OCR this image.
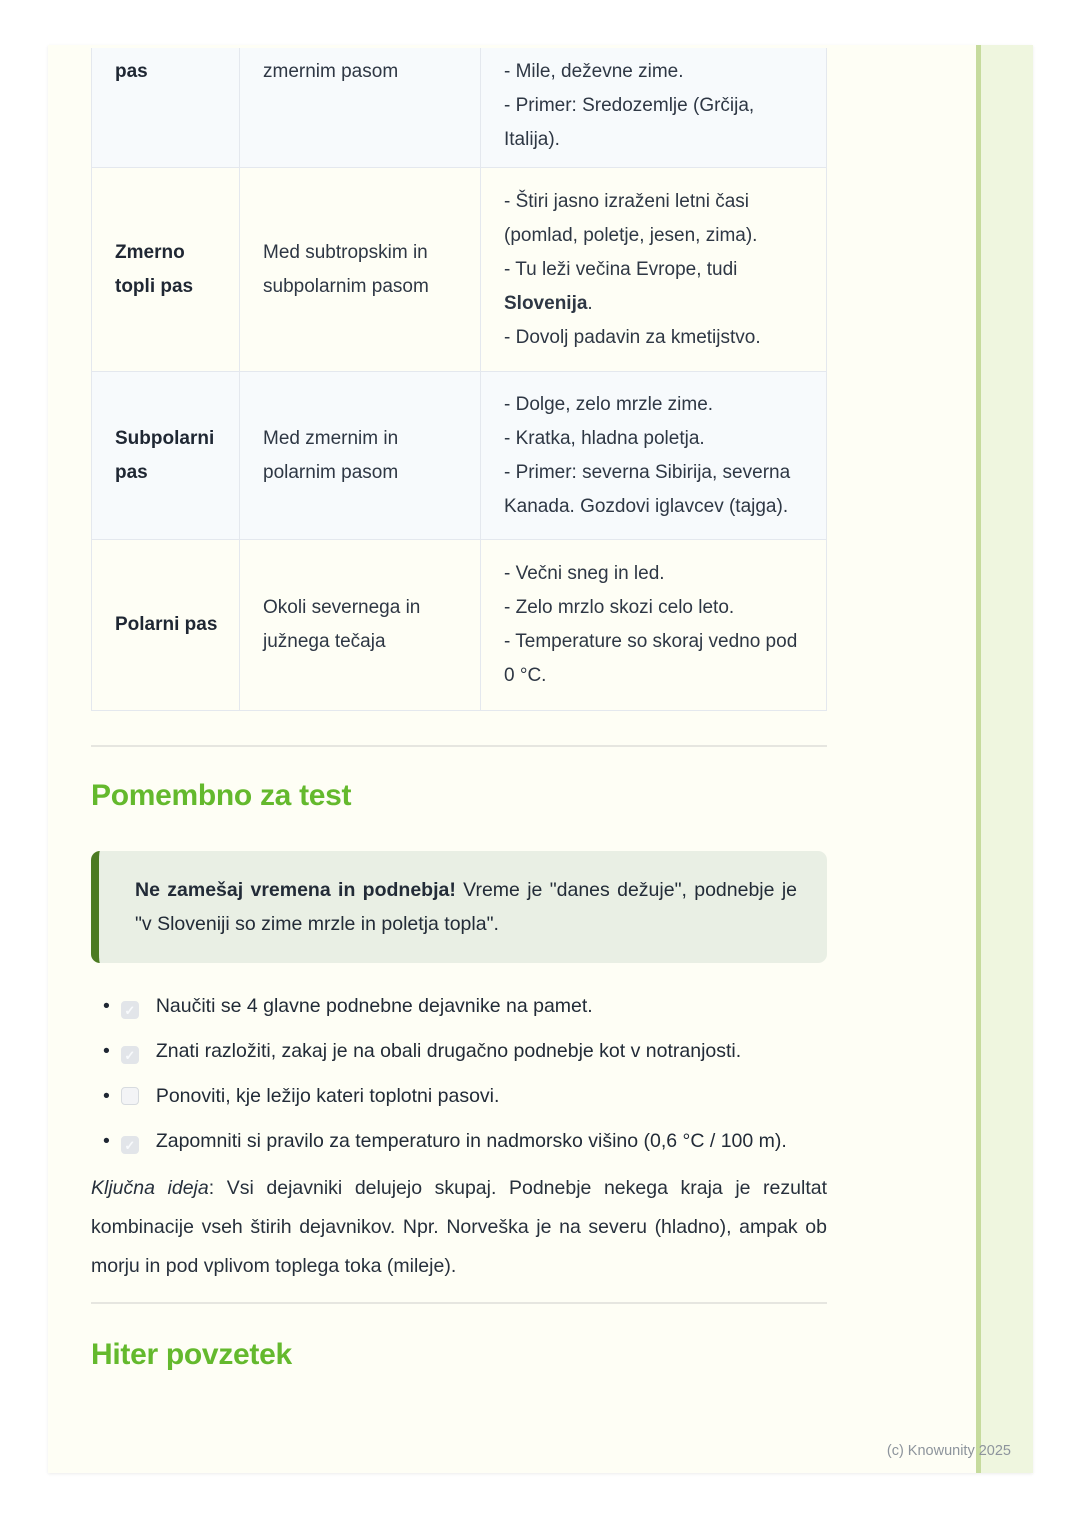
pas	zmernim pasom	- Mile, deževne zime.
- Primer: Sredozemlje (Grčija, Italija).
Zmerno topli pas
Med subtropskim in subpolarnim pasom
- Štiri jasno izraženi letni časi (pomlad, poletje, jesen, zima).
- Tu leži večina Evrope, tudi Slovenija.
- Dovolj padavin za kmetijstvo.
Subpolarni pas
Med zmernim in polarnim pasom
- Dolge, zelo mrzle zime.
- Kratka, hladna poletja.
- Primer: severna Sibirija, severna Kanada. Gozdovi iglavcev (tajga).
Polarni pas
Okoli severnega in južnega tečaja
- Večni sneg in led.
- Zelo mrzlo skozi celo leto.
- Temperature so skoraj vedno pod 0 °C.
Pomembno za test
Ne zamešaj vremena in podnebja! Vreme je "danes dežuje", podnebje je "v Sloveniji so zime mrzle in poletja topla".
• ✓ Naučiti se 4 glavne podnebne dejavnike na pamet.
• ✓ Znati razložiti, zakaj je na obali drugačno podnebje kot v notranjosti.
• Ponoviti, kje ležijo kateri toplotni pasovi.
• ✓ Zapomniti si pravilo za temperaturo in nadmorsko višino (0,6 °C / 100 m).
Ključna ideja: Vsi dejavniki delujejo skupaj. Podnebje nekega kraja je rezultat kombinacije vseh štirih dejavnikov. Npr. Norveška je na severu (hladno), ampak ob morju in pod vplivom toplega toka (mileje).
Hiter povzetek
(c) Knowunity 2025
